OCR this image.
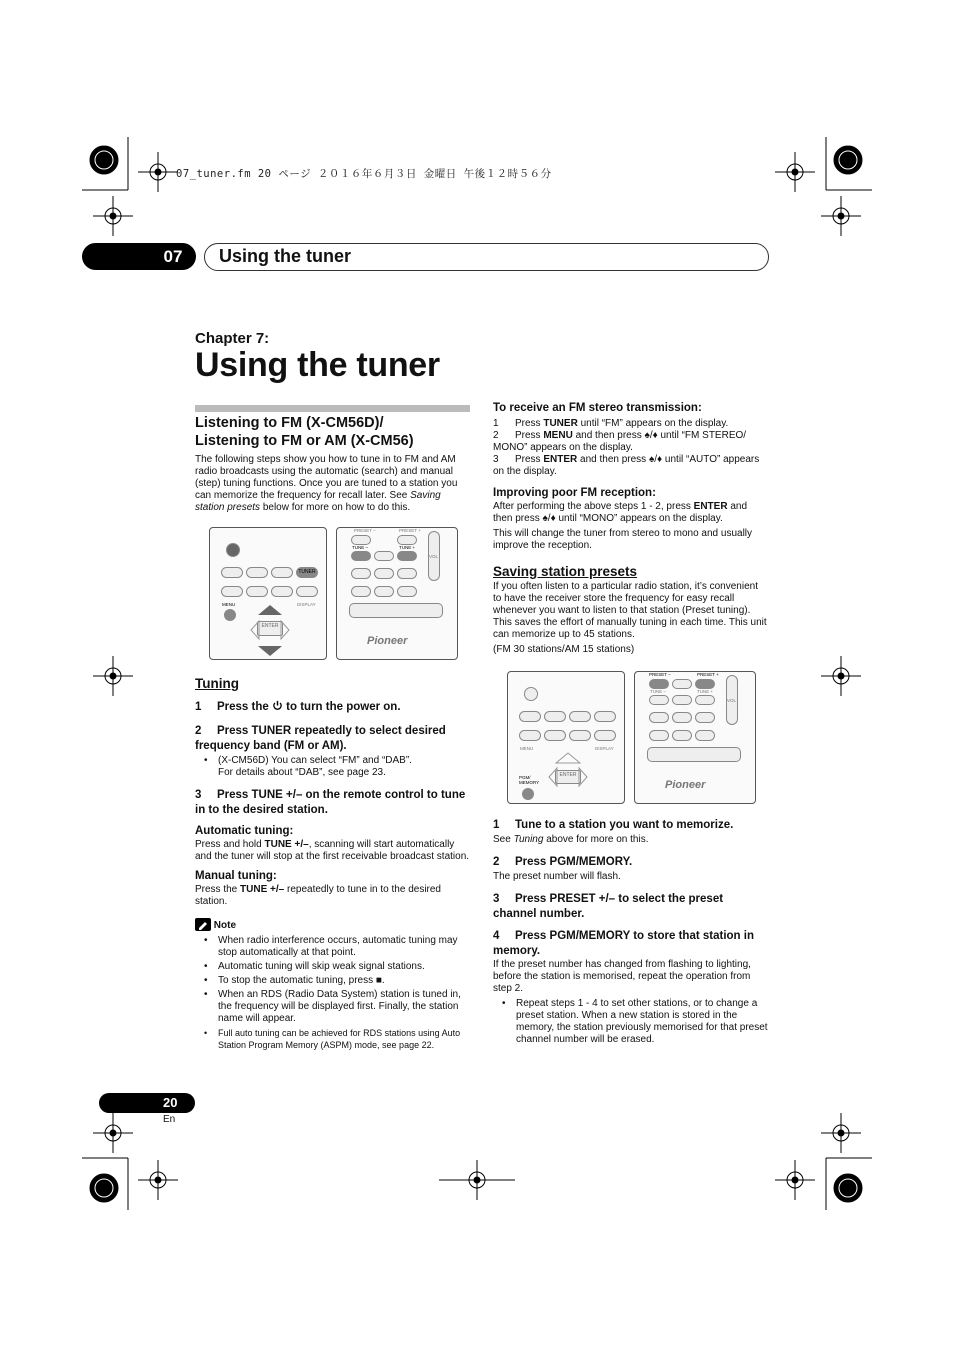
07_tuner.fm 20 ページ ２０１６年６月３日 金曜日 午後１２時５６分
07	Using the tuner
Chapter 7:
Using the tuner
Listening to FM (X-CM56D)/
Listening to FM or AM (X-CM56)

The following steps show you how to tune in to FM and AM radio broadcasts using the automatic (search) and manual (step) tuning functions. Once you are tuned to a station you can memorize the frequency for recall later. See Saving station presets below for more on how to do this.

TUNER
MENU	DISPLAY
ENTER
PRESET –	PRESET +
TUNE –	TUNE +
VOL
Pioneer
Tuning
1 Press the  to turn the power on.
2 Press TUNER repeatedly to select desired frequency band (FM or AM).
• (X-CM56D) You can select “FM” and “DAB”.
For details about “DAB”, see page 23.
3 Press TUNE +/– on the remote control to tune in to the desired station.
Automatic tuning:

Press and hold TUNE +/–, scanning will start automatically and the tuner will stop at the first receivable broadcast station.

Manual tuning:

Press the TUNE +/– repeatedly to tune in to the desired station.

Note
• When radio interference occurs, automatic tuning may stop automatically at that point.
• Automatic tuning will skip weak signal stations.
• To stop the automatic tuning, press ■.
• When an RDS (Radio Data System) station is tuned in, the frequency will be displayed first. Finally, the station name will appear.
• Full auto tuning can be achieved for RDS stations using Auto Station Program Memory (ASPM) mode, see page 22.
To receive an FM stereo transmission:

1 Press TUNER until “FM” appears on the display.

2 Press MENU and then press ♠/♦ until “FM STEREO/ MONO” appears on the display.

3 Press ENTER and then press ♠/♦ until “AUTO” appears on the display.

Improving poor FM reception:

After performing the above steps 1 - 2, press ENTER and then press ♠/♦ until “MONO” appears on the display.

This will change the tuner from stereo to mono and usually improve the reception.

Saving station presets

If you often listen to a particular radio station, it’s convenient to have the receiver store the frequency for easy recall whenever you want to listen to that station (Preset tuning). This saves the effort of manually tuning in each time. This unit can memorize up to 45 stations.

(FM 30 stations/AM 15 stations)

MENU	DISPLAY
ENTER
PGM/ MEMORY
PRESET –	PRESET +
TUNE –	TUNE +
VOL
Pioneer
1 Tune to a station you want to memorize.

See Tuning above for more on this.

2 Press PGM/MEMORY.

The preset number will flash.

3 Press PRESET +/– to select the preset channel number.
4 Press PGM/MEMORY to store that station in memory.

If the preset number has changed from flashing to lighting, before the station is memorised, repeat the operation from step 2.

• Repeat steps 1 - 4 to set other stations, or to change a preset station. When a new station is stored in the memory, the station previously memorised for that preset channel number will be erased.
20
En
